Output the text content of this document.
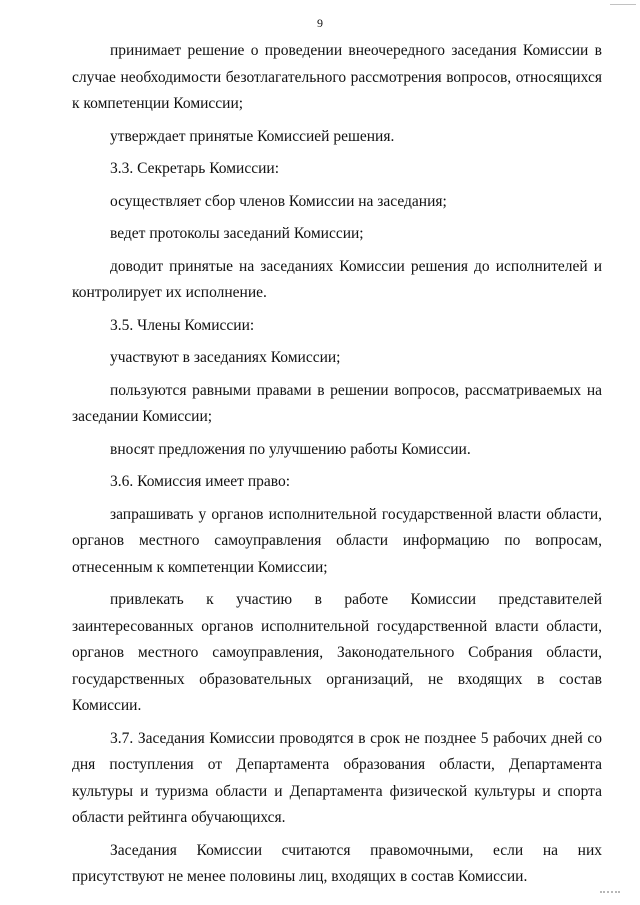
9

принимает решение о проведении внеочередного заседания Комиссии в случае необходимости безотлагательного рассмотрения вопросов, относящихся к компетенции Комиссии;

утверждает принятые Комиссией решения.

3.3. Секретарь Комиссии:

осуществляет сбор членов Комиссии на заседания;

ведет протоколы заседаний Комиссии;

доводит принятые на заседаниях Комиссии решения до исполнителей и контролирует их исполнение.

3.5. Члены Комиссии:

участвуют в заседаниях Комиссии;

пользуются равными правами в решении вопросов, рассматриваемых на заседании Комиссии;

вносят предложения по улучшению работы Комиссии.

3.6. Комиссия имеет право:

запрашивать у органов исполнительной государственной власти области, органов местного самоуправления области информацию по вопросам, отнесенным к компетенции Комиссии;

привлекать к участию в работе Комиссии представителей заинтересованных органов исполнительной государственной власти области, органов местного самоуправления, Законодательного Собрания области, государственных образовательных организаций, не входящих в состав Комиссии.

3.7. Заседания Комиссии проводятся в срок не позднее 5 рабочих дней со дня поступления от Департамента образования области, Департамента культуры и туризма области и Департамента физической культуры и спорта области рейтинга обучающихся.

Заседания Комиссии считаются правомочными, если на них присутствуют не менее половины лиц, входящих в состав Комиссии.
